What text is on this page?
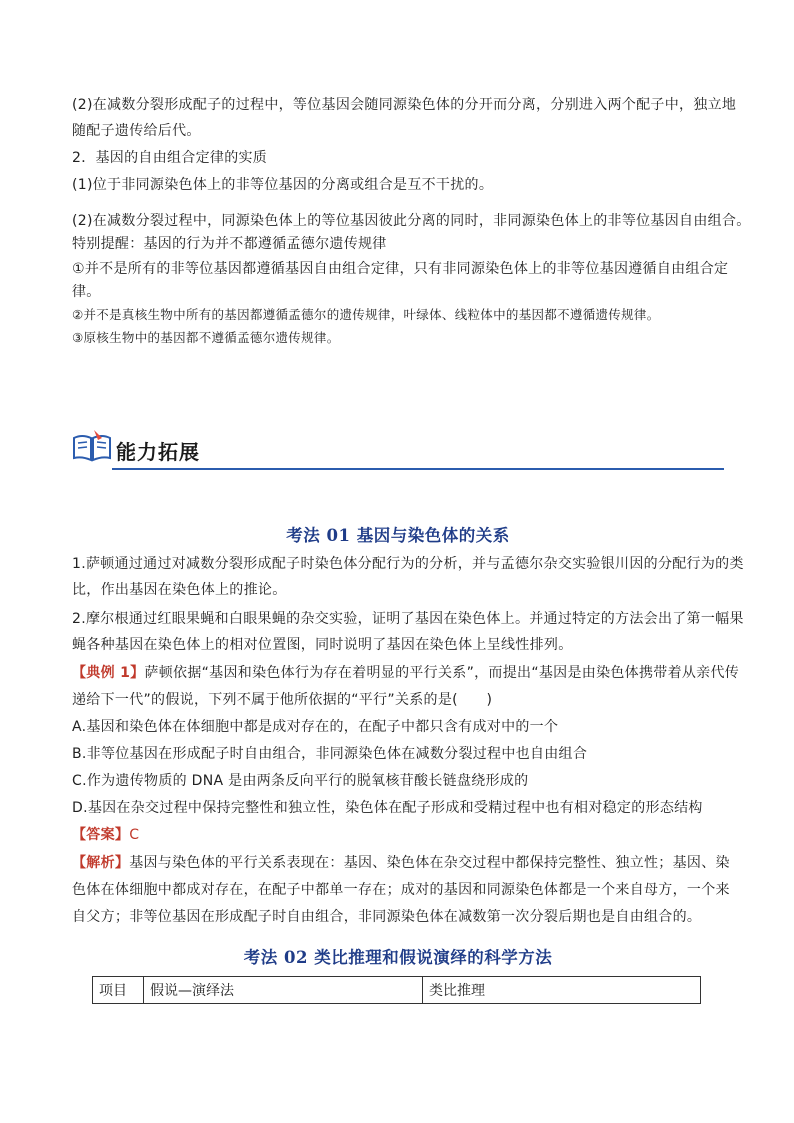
(2)在减数分裂形成配子的过程中，等位基因会随同源染色体的分开而分离，分别进入两个配子中，独立地
随配子遗传给后代。
2．基因的自由组合定律的实质
(1)位于非同源染色体上的非等位基因的分离或组合是互不干扰的。
(2)在减数分裂过程中，同源染色体上的等位基因彼此分离的同时，非同源染色体上的非等位基因自由组合。
特别提醒：基因的行为并不都遵循孟德尔遗传规律
①并不是所有的非等位基因都遵循基因自由组合定律，只有非同源染色体上的非等位基因遵循自由组合定
律。
②并不是真核生物中所有的基因都遵循孟德尔的遗传规律，叶绿体、线粒体中的基因都不遵循遗传规律。
③原核生物中的基因都不遵循孟德尔遗传规律。
能力拓展
考法 01 基因与染色体的关系
1.萨顿通过通过对减数分裂形成配子时染色体分配行为的分析，并与孟德尔杂交实验银川因的分配行为的类
比，作出基因在染色体上的推论。
2.摩尔根通过红眼果蝇和白眼果蝇的杂交实验，证明了基因在染色体上。并通过特定的方法会出了第一幅果
蝇各种基因在染色体上的相对位置图，同时说明了基因在染色体上呈线性排列。
【典例 1】萨顿依据“基因和染色体行为存在着明显的平行关系”，而提出“基因是由染色体携带着从亲代传
递给下一代”的假说，下列不属于他所依据的“平行”关系的是(　　)
A.基因和染色体在体细胞中都是成对存在的，在配子中都只含有成对中的一个
B.非等位基因在形成配子时自由组合，非同源染色体在减数分裂过程中也自由组合
C.作为遗传物质的 DNA 是由两条反向平行的脱氧核苷酸长链盘绕形成的
D.基因在杂交过程中保持完整性和独立性，染色体在配子形成和受精过程中也有相对稳定的形态结构
【答案】C
【解析】基因与染色体的平行关系表现在：基因、染色体在杂交过程中都保持完整性、独立性；基因、染
色体在体细胞中都成对存在，在配子中都单一存在；成对的基因和同源染色体都是一个来自母方，一个来
自父方；非等位基因在形成配子时自由组合，非同源染色体在减数第一次分裂后期也是自由组合的。
考法 02 类比推理和假说演绎的科学方法
项目	假说—演绎法	类比推理
